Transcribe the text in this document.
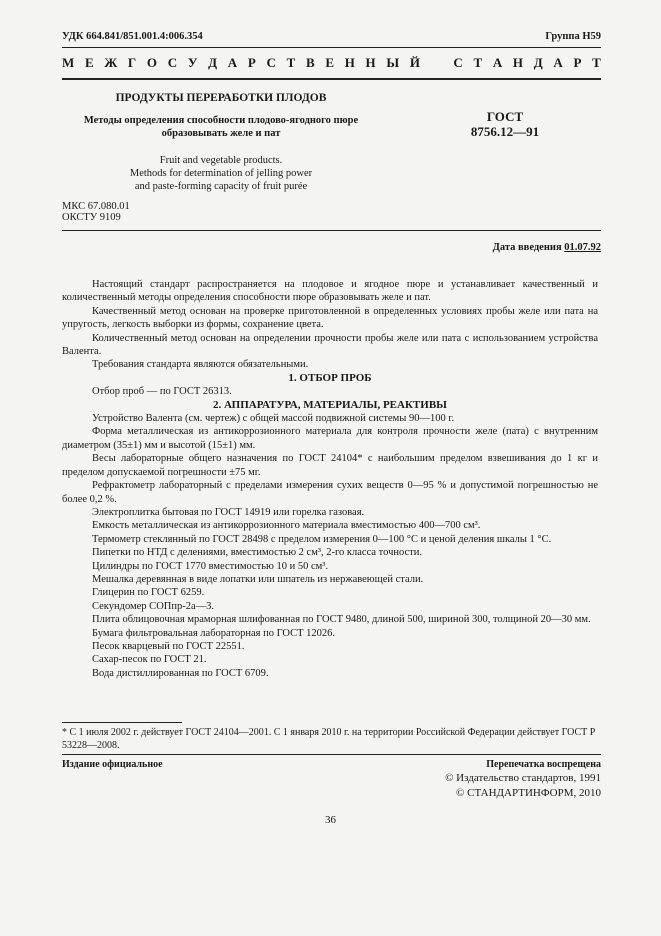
УДК 664.841/851.001.4:006.354	Группа Н59
М Е Ж Г О С У Д А Р С Т В Е Н Н Ы Й	С Т А Н Д А Р Т
ПРОДУКТЫ ПЕРЕРАБОТКИ ПЛОДОВ
Методы определения способности плодово-ягодного пюре
образовывать желе и пат
Fruit and vegetable products.
Methods for determination of jelling power
and paste-forming capacity of fruit purée
ГОСТ
8756.12—91
МКС 67.080.01
ОКСТУ 9109
Дата введения 01.07.92

Настоящий стандарт распространяется на плодовое и ягодное пюре и устанавливает качественный и количественный методы определения способности пюре образовывать желе и пат.

Качественный метод основан на проверке приготовленной в определенных условиях пробы желе или пата на упругость, легкость выборки из формы, сохранение цвета.

Количественный метод основан на определении прочности пробы желе или пата с использованием устройства Валента.

Требования стандарта являются обязательными.

1. ОТБОР ПРОБ

Отбор проб — по ГОСТ 26313.

2. АППАРАТУРА, МАТЕРИАЛЫ, РЕАКТИВЫ

Устройство Валента (см. чертеж) с общей массой подвижной системы 90—100 г.

Форма металлическая из антикоррозионного материала для контроля прочности желе (пата) с внутренним диаметром (35±1) мм и высотой (15±1) мм.

Весы лабораторные общего назначения по ГОСТ 24104* с наибольшим пределом взвешивания до 1 кг и пределом допускаемой погрешности ±75 мг.

Рефрактометр лабораторный с пределами измерения сухих веществ 0—95 % и допустимой погрешностью не более 0,2 %.

Электроплитка бытовая по ГОСТ 14919 или горелка газовая.

Емкость металлическая из антикоррозионного материала вместимостью 400—700 см³.

Термометр стеклянный по ГОСТ 28498 с пределом измерения 0—100 °С и ценой деления шкалы 1 °С.

Пипетки по НТД с делениями, вместимостью 2 см³, 2-го класса точности.

Цилиндры по ГОСТ 1770 вместимостью 10 и 50 см³.

Мешалка деревянная в виде лопатки или шпатель из нержавеющей стали.

Глицерин по ГОСТ 6259.

Секундомер СОПпр-2а—3.

Плита облицовочная мраморная шлифованная по ГОСТ 9480, длиной 500, шириной 300, толщиной 20—30 мм.

Бумага фильтровальная лабораторная по ГОСТ 12026.

Песок кварцевый по ГОСТ 22551.

Сахар-песок по ГОСТ 21.

Вода дистиллированная по ГОСТ 6709.

* С 1 июля 2002 г. действует ГОСТ 24104—2001. С 1 января 2010 г. на территории Российской Федерации действует ГОСТ Р 53228—2008.
Издание официальное	Перепечатка воспрещена
© Издательство стандартов, 1991
© СТАНДАРТИНФОРМ, 2010
36
